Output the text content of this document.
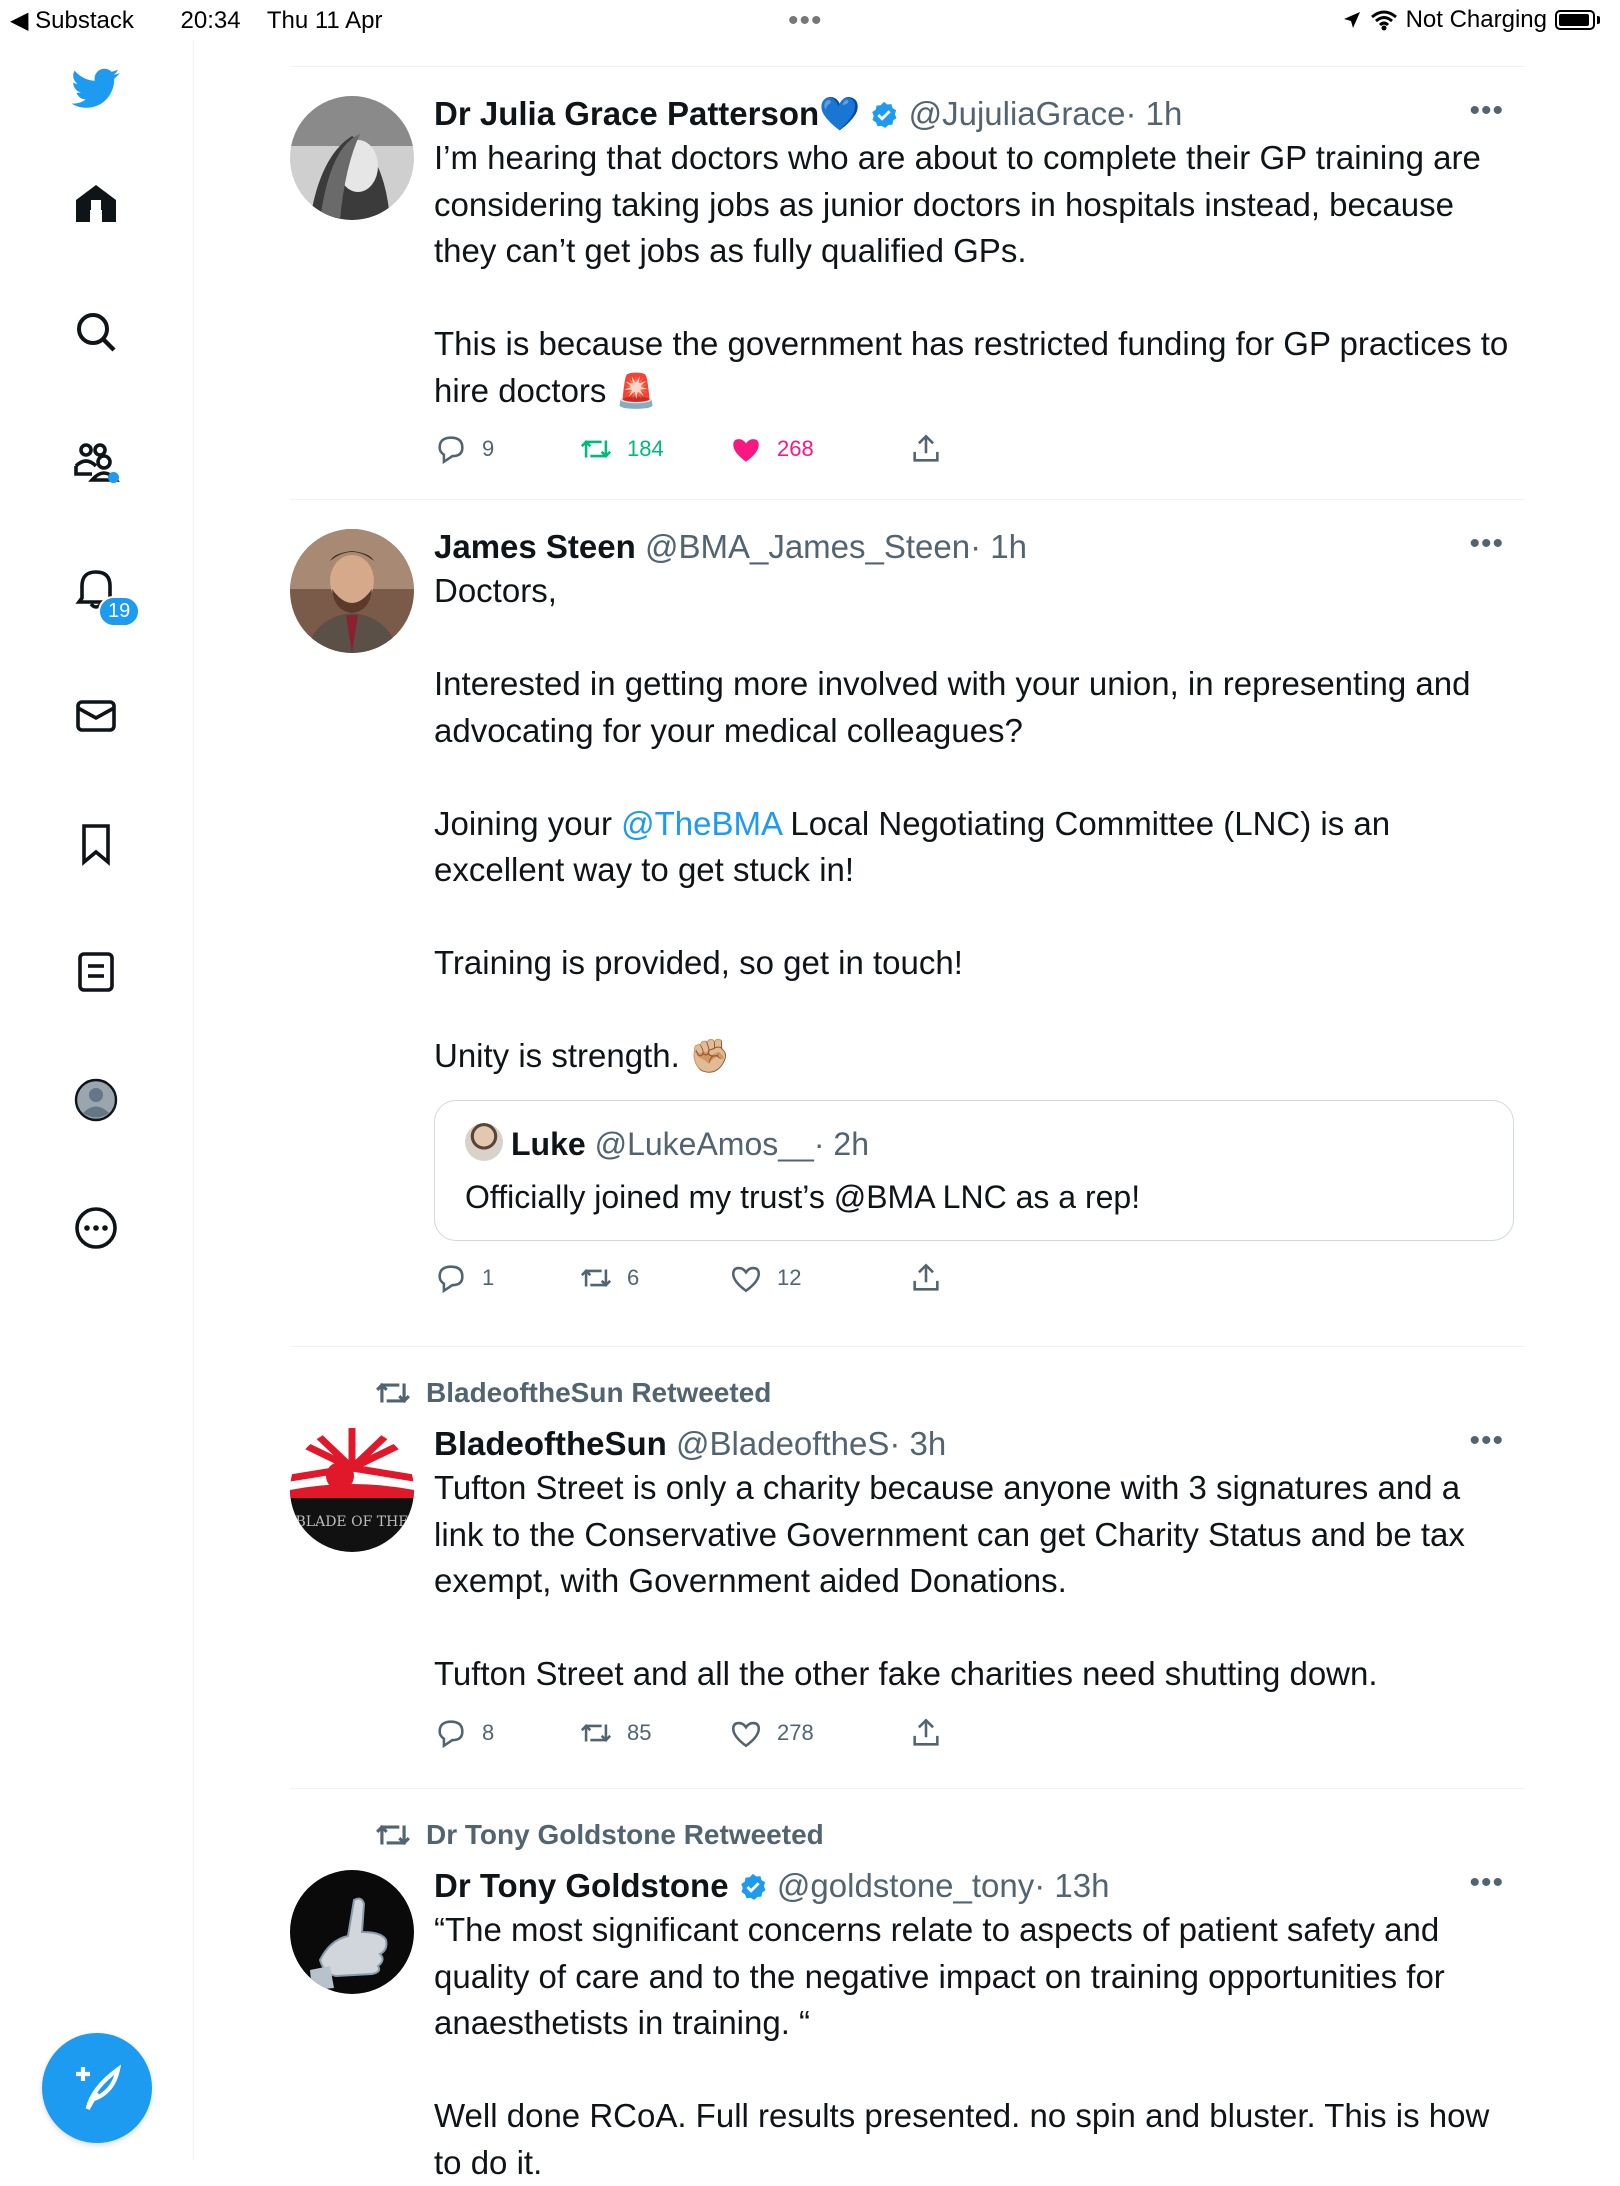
◀ Substack 20:34 Thu 11 Apr	•••	Not Charging
19
Dr Julia Grace Patterson💙 @JujuliaGrace· 1h	•••
I’m hearing that doctors who are about to complete their GP training are considering taking jobs as junior doctors in hospitals instead, because they can’t get jobs as fully qualified GPs.

This is because the government has restricted funding for GP practices to hire doctors 🚨
9	184	268
James Steen @BMA_James_Steen· 1h	•••
Doctors,

Interested in getting more involved with your union, in representing and advocating for your medical colleagues?

Joining your @TheBMA Local Negotiating Committee (LNC) is an excellent way to get stuck in!

Training is provided, so get in touch!

Unity is strength. ✊🏼
Luke @LukeAmos__· 2h
Officially joined my trust’s @BMA LNC as a rep!
1	6	12
BladeoftheSun Retweeted
BLADE OF THE
BladeoftheSun @BladeoftheS· 3h	•••
Tufton Street is only a charity because anyone with 3 signatures and a link to the Conservative Government can get Charity Status and be tax exempt, with Government aided Donations.

Tufton Street and all the other fake charities need shutting down.
8	85	278
Dr Tony Goldstone Retweeted
Dr Tony Goldstone @goldstone_tony· 13h	•••
“The most significant concerns relate to aspects of patient safety and quality of care and to the negative impact on training opportunities for anaesthetists in training. “

Well done RCoA. Full results presented. no spin and bluster. This is how to do it.
